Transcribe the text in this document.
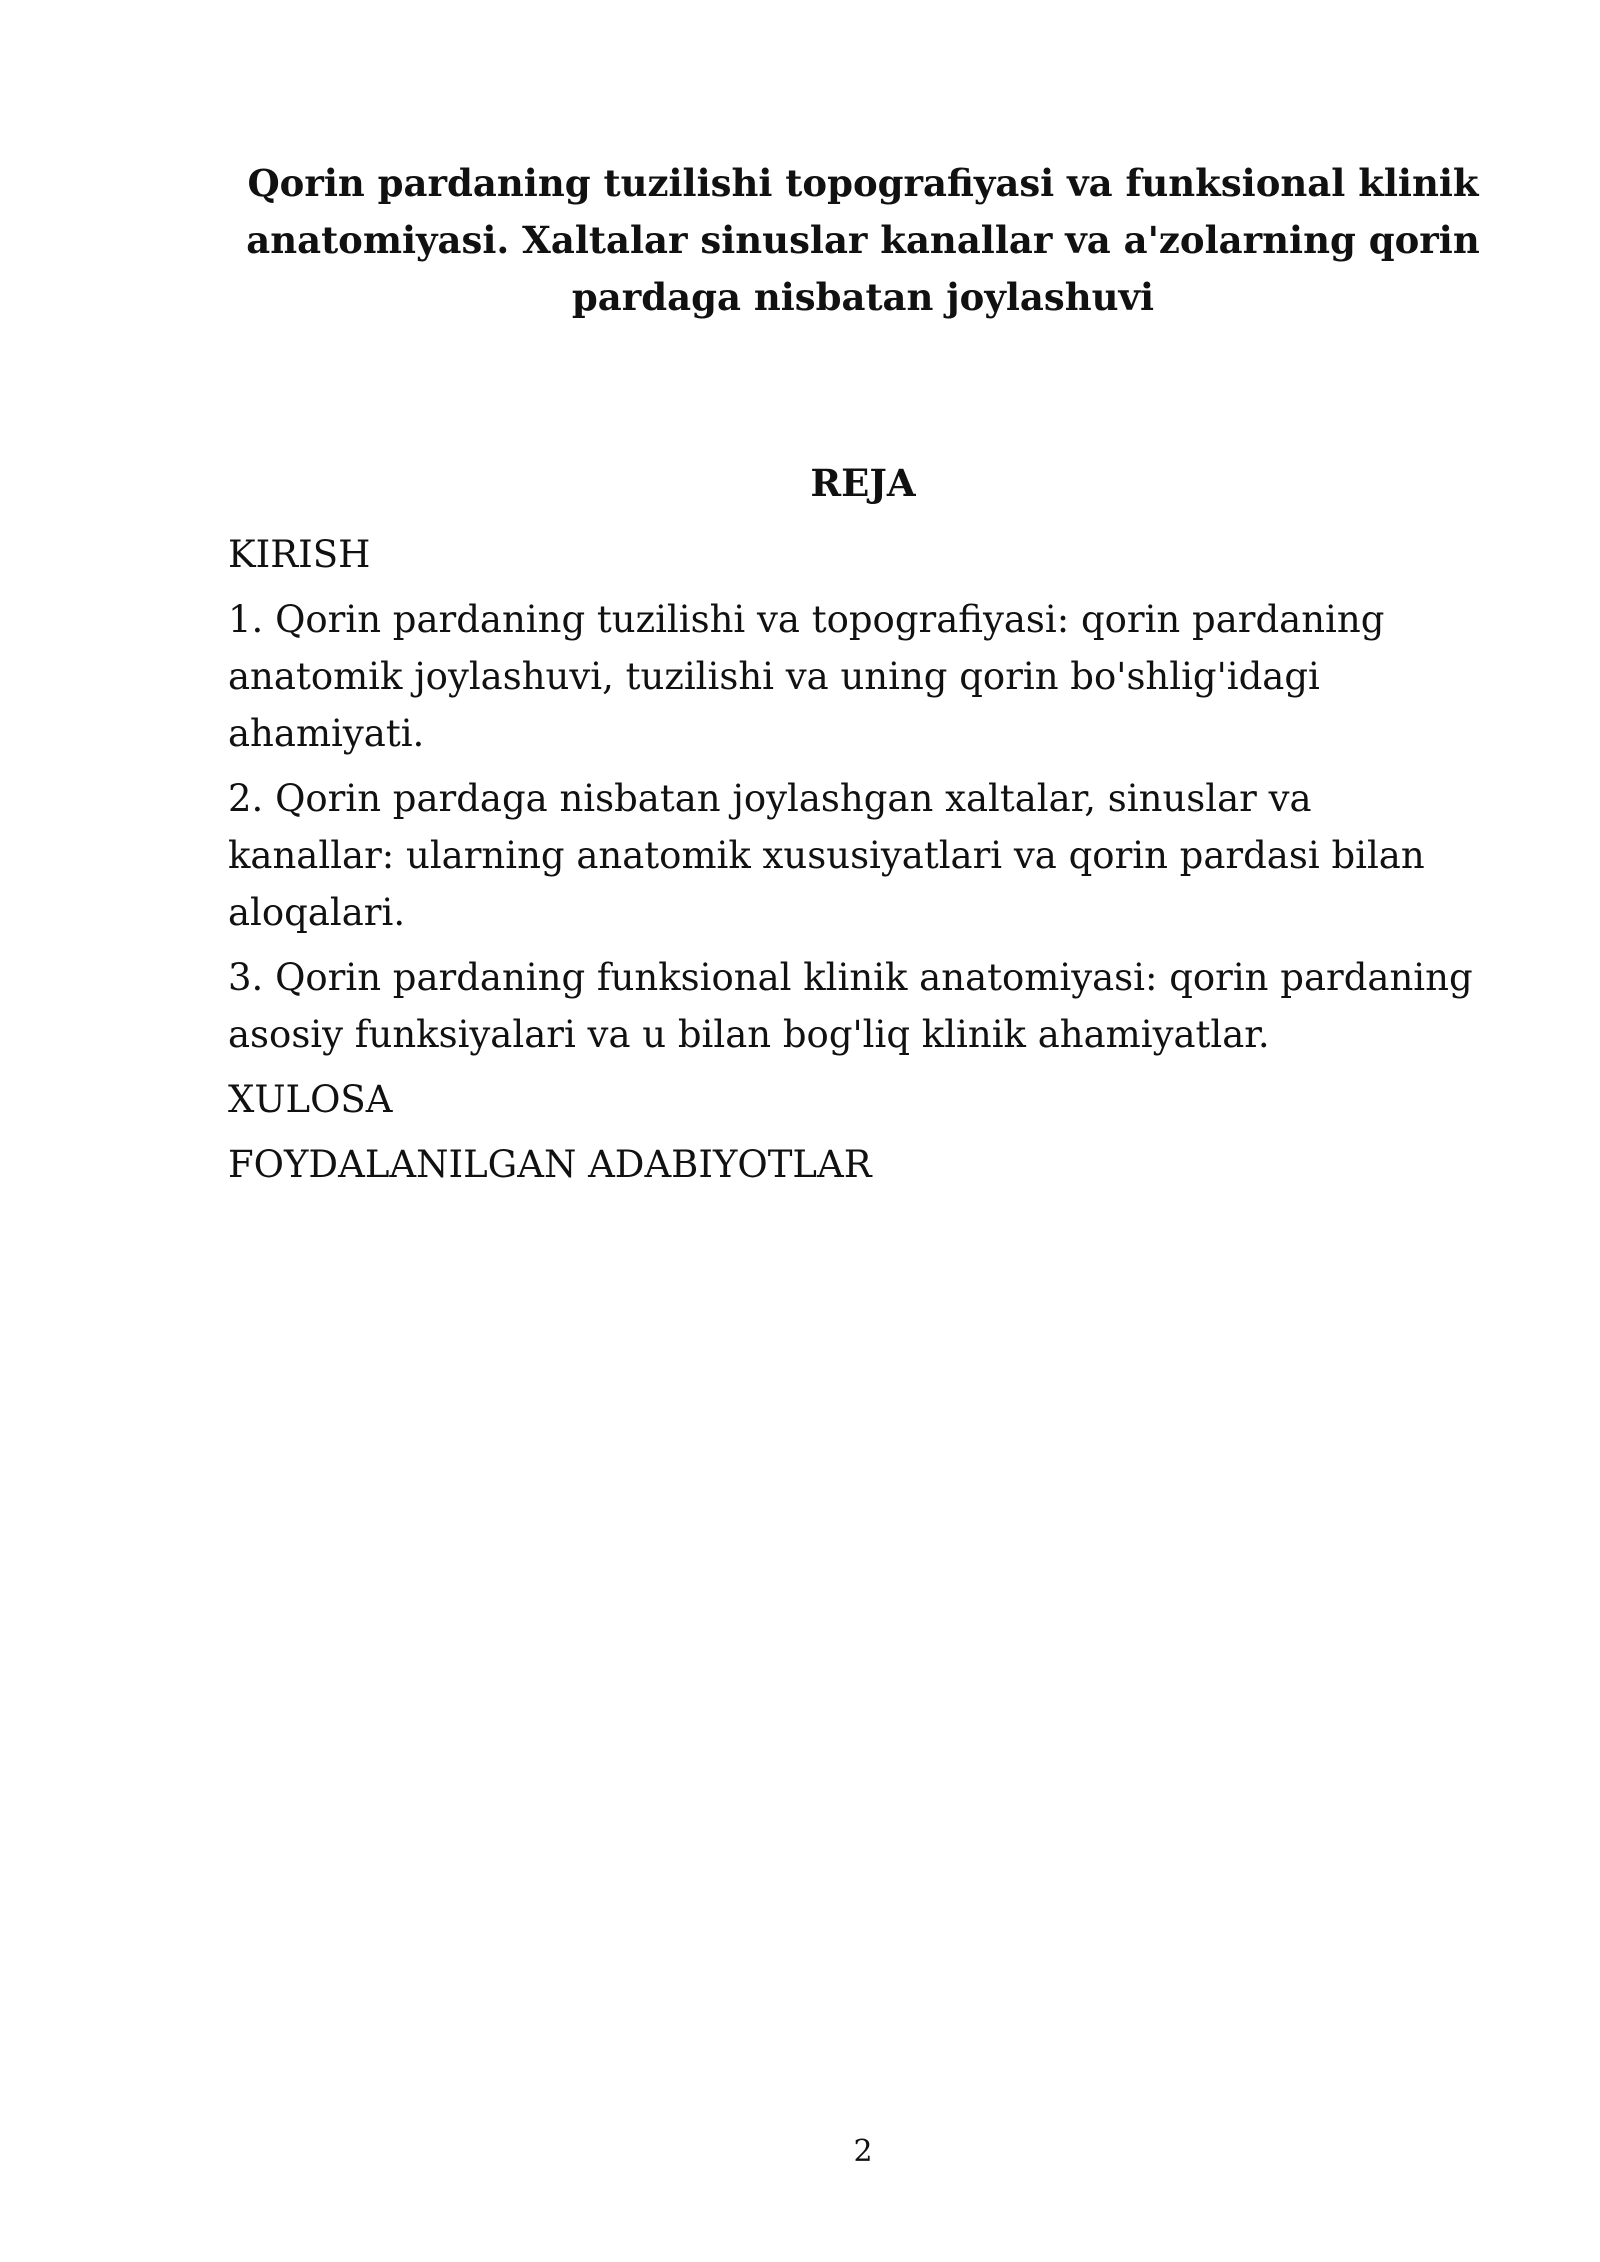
Qorin pardaning tuzilishi topografiyasi va funksional klinik anatomiyasi. Xaltalar sinuslar kanallar va a'zolarning qorin pardaga nisbatan joylashuvi
REJA

KIRISH

1. Qorin pardaning tuzilishi va topografiyasi: qorin pardaning anatomik joylashuvi, tuzilishi va uning qorin bo'shlig'idagi ahamiyati.

2. Qorin pardaga nisbatan joylashgan xaltalar, sinuslar va kanallar: ularning anatomik xususiyatlari va qorin pardasi bilan aloqalari.

3. Qorin pardaning funksional klinik anatomiyasi: qorin pardaning asosiy funksiyalari va u bilan bog'liq klinik ahamiyatlar.

XULOSA

FOYDALANILGAN ADABIYOTLAR

2
